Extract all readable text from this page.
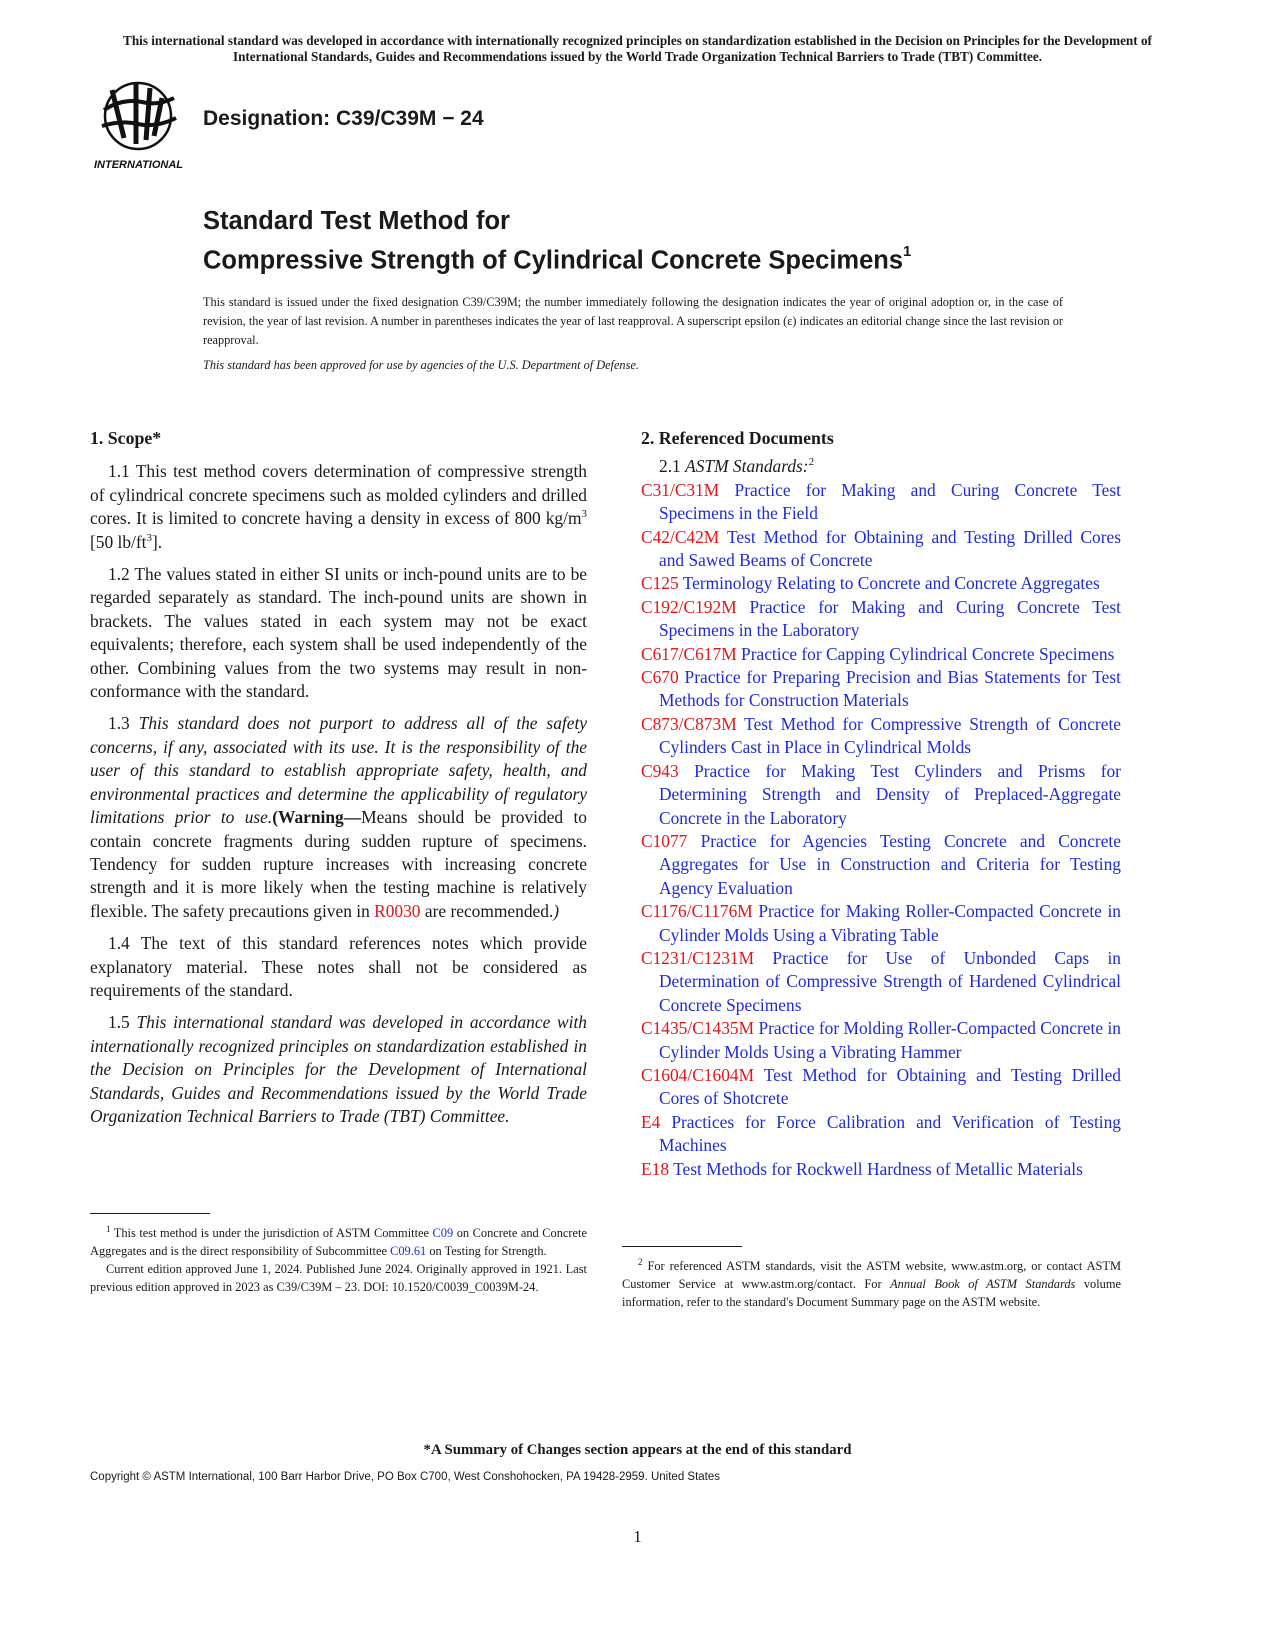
This international standard was developed in accordance with internationally recognized principles on standardization established in the Decision on Principles for the Development of International Standards, Guides and Recommendations issued by the World Trade Organization Technical Barriers to Trade (TBT) Committee.
INTERNATIONAL
Designation: C39/C39M − 24
Standard Test Method for
Compressive Strength of Cylindrical Concrete Specimens$^1$
This standard is issued under the fixed designation C39/C39M; the number immediately following the designation indicates the year of original adoption or, in the case of revision, the year of last revision. A number in parentheses indicates the year of last reapproval. A superscript epsilon (ε) indicates an editorial change since the last revision or reapproval.
This standard has been approved for use by agencies of the U.S. Department of Defense.
1. Scope*

1.1 This test method covers determination of compressive strength of cylindrical concrete specimens such as molded cylinders and drilled cores. It is limited to concrete having a density in excess of 800 $kg/m^3$ [50 $lb/ft^3$].

1.2 The values stated in either SI units or inch-pound units are to be regarded separately as standard. The inch-pound units are shown in brackets. The values stated in each system may not be exact equivalents; therefore, each system shall be used independently of the other. Combining values from the two systems may result in non-conformance with the standard.

1.3 This standard does not purport to address all of the safety concerns, if any, associated with its use. It is the responsibility of the user of this standard to establish appropriate safety, health, and environmental practices and determine the applicability of regulatory limitations prior to use.(Warning—Means should be provided to contain concrete fragments during sudden rupture of specimens. Tendency for sudden rupture increases with increasing concrete strength and it is more likely when the testing machine is relatively flexible. The safety precautions given in R0030 are recommended.)

1.4 The text of this standard references notes which provide explanatory material. These notes shall not be considered as requirements of the standard.

1.5 This international standard was developed in accordance with internationally recognized principles on standardization established in the Decision on Principles for the Development of International Standards, Guides and Recommendations issued by the World Trade Organization Technical Barriers to Trade (TBT) Committee.

2. Referenced Documents
2.1 ASTM Standards:$^2$
C31/C31M Practice for Making and Curing Concrete Test Specimens in the Field
C42/C42M Test Method for Obtaining and Testing Drilled Cores and Sawed Beams of Concrete
C125 Terminology Relating to Concrete and Concrete Aggregates
C192/C192M Practice for Making and Curing Concrete Test Specimens in the Laboratory
C617/C617M Practice for Capping Cylindrical Concrete Specimens
C670 Practice for Preparing Precision and Bias Statements for Test Methods for Construction Materials
C873/C873M Test Method for Compressive Strength of Concrete Cylinders Cast in Place in Cylindrical Molds
C943 Practice for Making Test Cylinders and Prisms for Determining Strength and Density of Preplaced-Aggregate Concrete in the Laboratory
C1077 Practice for Agencies Testing Concrete and Concrete Aggregates for Use in Construction and Criteria for Testing Agency Evaluation
C1176/C1176M Practice for Making Roller-Compacted Concrete in Cylinder Molds Using a Vibrating Table
C1231/C1231M Practice for Use of Unbonded Caps in Determination of Compressive Strength of Hardened Cylindrical Concrete Specimens
C1435/C1435M Practice for Molding Roller-Compacted Concrete in Cylinder Molds Using a Vibrating Hammer
C1604/C1604M Test Method for Obtaining and Testing Drilled Cores of Shotcrete
E4 Practices for Force Calibration and Verification of Testing Machines
E18 Test Methods for Rockwell Hardness of Metallic Materials

$^1$ This test method is under the jurisdiction of ASTM Committee C09 on Concrete and Concrete Aggregates and is the direct responsibility of Subcommittee C09.61 on Testing for Strength.

Current edition approved June 1, 2024. Published June 2024. Originally approved in 1921. Last previous edition approved in 2023 as C39/C39M – 23. DOI: 10.1520/C0039_C0039M-24.

$^2$ For referenced ASTM standards, visit the ASTM website, www.astm.org, or contact ASTM Customer Service at www.astm.org/contact. For Annual Book of ASTM Standards volume information, refer to the standard's Document Summary page on the ASTM website.

*A Summary of Changes section appears at the end of this standard
Copyright © ASTM International, 100 Barr Harbor Drive, PO Box C700, West Conshohocken, PA 19428-2959. United States
1
